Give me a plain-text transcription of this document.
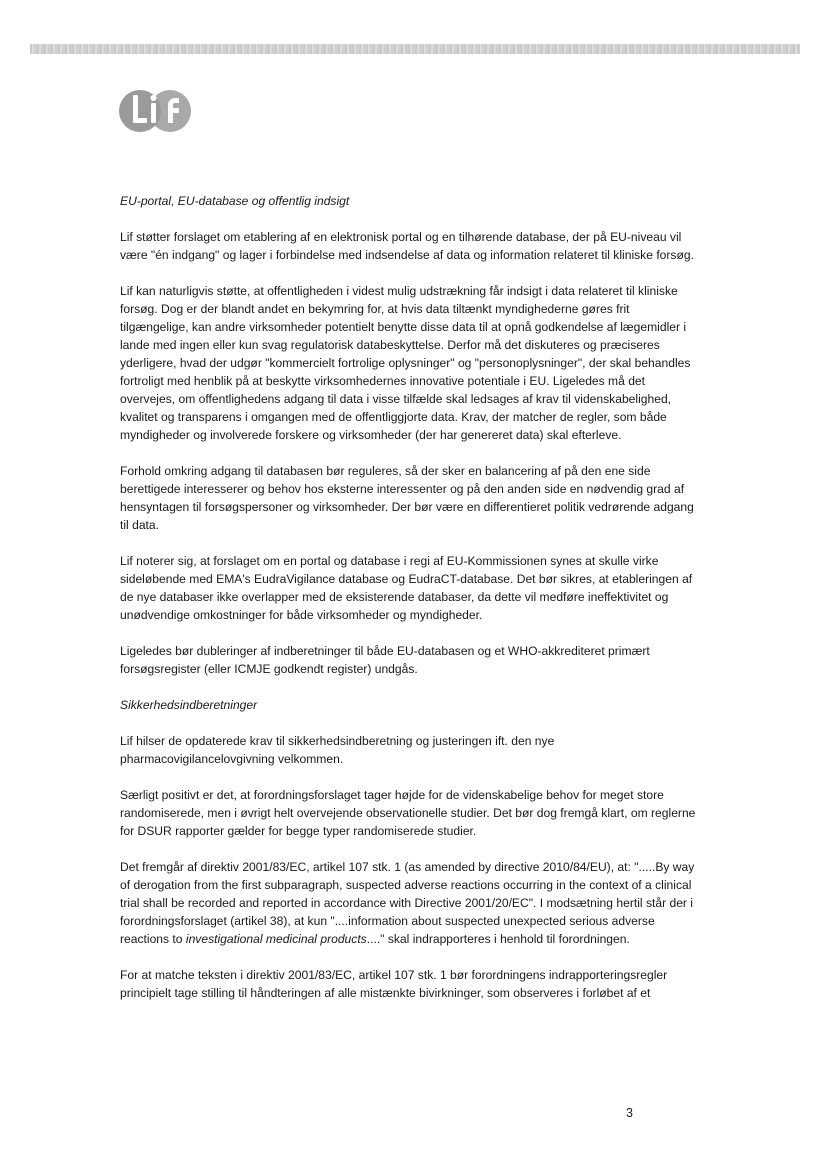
EU-portal, EU-database og offentlig indsigt

Lif støtter forslaget om etablering af en elektronisk portal og en tilhørende database, der på EU-niveau vil være "én indgang" og lager i forbindelse med indsendelse af data og information relateret til kliniske forsøg.

Lif kan naturligvis støtte, at offentligheden i videst mulig udstrækning får indsigt i data relateret til kliniske forsøg. Dog er der blandt andet en bekymring for, at hvis data tiltænkt myndighederne gøres frit tilgængelige, kan andre virksomheder potentielt benytte disse data til at opnå godkendelse af lægemidler i lande med ingen eller kun svag regulatorisk databeskyttelse. Derfor må det diskuteres og præciseres yderligere, hvad der udgør "kommercielt fortrolige oplysninger" og "personoplysninger", der skal behandles fortroligt med henblik på at beskytte virksomhedernes innovative potentiale i EU. Ligeledes må det overvejes, om offentlighedens adgang til data i visse tilfælde skal ledsages af krav til videnskabelighed, kvalitet og transparens i omgangen med de offentliggjorte data. Krav, der matcher de regler, som både myndigheder og involverede forskere og virksomheder (der har genereret data) skal efterleve.

Forhold omkring adgang til databasen bør reguleres, så der sker en balancering af på den ene side berettigede interesserer og behov hos eksterne interessenter og på den anden side en nødvendig grad af hensyntagen til forsøgspersoner og virksomheder. Der bør være en differentieret politik vedrørende adgang til data.

Lif noterer sig, at forslaget om en portal og database i regi af EU-Kommissionen synes at skulle virke sideløbende med EMA's EudraVigilance database og EudraCT-database. Det bør sikres, at etableringen af de nye databaser ikke overlapper med de eksisterende databaser, da dette vil medføre ineffektivitet og unødvendige omkostninger for både virksomheder og myndigheder.

Ligeledes bør dubleringer af indberetninger til både EU-databasen og et WHO-akkrediteret primært forsøgsregister (eller ICMJE godkendt register) undgås.

Sikkerhedsindberetninger

Lif hilser de opdaterede krav til sikkerhedsindberetning og justeringen ift. den nye pharmacovigilancelovgivning velkommen.

Særligt positivt er det, at forordningsforslaget tager højde for de videnskabelige behov for meget store randomiserede, men i øvrigt helt overvejende observationelle studier. Det bør dog fremgå klart, om reglerne for DSUR rapporter gælder for begge typer randomiserede studier.

Det fremgår af direktiv 2001/83/EC, artikel 107 stk. 1 (as amended by directive 2010/84/EU), at: ".....By way of derogation from the first subparagraph, suspected adverse reactions occurring in the context of a clinical trial shall be recorded and reported in accordance with Directive 2001/20/EC". I modsætning hertil står der i forordningsforslaget (artikel 38), at kun "....information about suspected unexpected serious adverse reactions to investigational medicinal products...." skal indrapporteres i henhold til forordningen.

For at matche teksten i direktiv 2001/83/EC, artikel 107 stk. 1 bør forordningens indrapporteringsregler principielt tage stilling til håndteringen af alle mistænkte bivirkninger, som observeres i forløbet af et

3
